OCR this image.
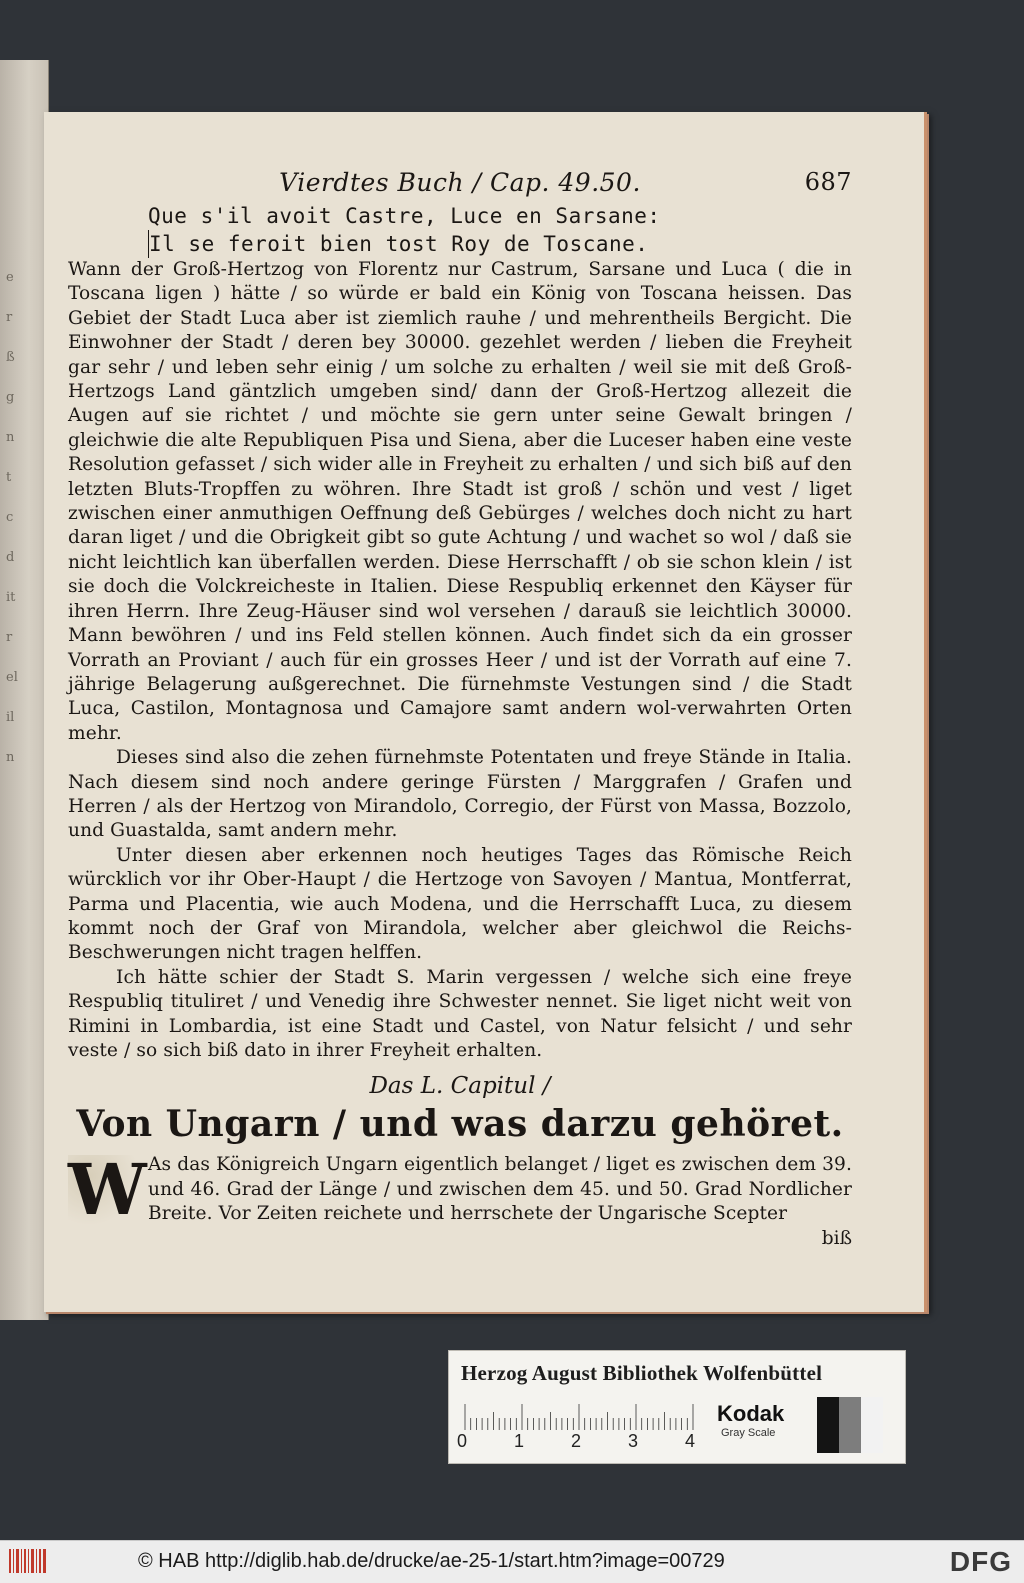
e
r
ß
g
n
t
c
d
it
r
el
il
n
Vierdtes Buch / Cap. 49.50.	687
Que s'il avoit Castre, Luce en Sarsane:
Il se feroit bien tost Roy de Toscane.

Wann der Groß-Hertzog von Florentz nur Castrum, Sarsane und Luca ( die in Toscana ligen ) hätte / so würde er bald ein König von Toscana heissen. Das Gebiet der Stadt Luca aber ist ziemlich rauhe / und mehrentheils Bergicht. Die Einwohner der Stadt / deren bey 30000. gezehlet werden / lieben die Freyheit gar sehr / und leben sehr einig / um solche zu erhalten / weil sie mit deß Groß-Hertzogs Land gäntzlich umgeben sind/ dann der Groß-Hertzog allezeit die Augen auf sie richtet / und möchte sie gern unter seine Gewalt bringen / gleichwie die alte Republiquen Pisa und Siena, aber die Luceser haben eine veste Resolution gefasset / sich wider alle in Freyheit zu erhalten / und sich biß auf den letzten Bluts-Tropffen zu wöhren. Ihre Stadt ist groß / schön und vest / liget zwischen einer anmuthigen Oeffnung deß Gebürges / welches doch nicht zu hart daran liget / und die Obrigkeit gibt so gute Achtung / und wachet so wol / daß sie nicht leichtlich kan überfallen werden. Diese Herrschafft / ob sie schon klein / ist sie doch die Volckreicheste in Italien. Diese Respubliq erkennet den Käyser für ihren Herrn. Ihre Zeug-Häuser sind wol versehen / darauß sie leichtlich 30000. Mann bewöhren / und ins Feld stellen können. Auch findet sich da ein grosser Vorrath an Proviant / auch für ein grosses Heer / und ist der Vorrath auf eine 7. jährige Belagerung außgerechnet. Die fürnehmste Vestungen sind / die Stadt Luca, Castilon, Montagnosa und Camajore samt andern wol-verwahrten Orten mehr.

Dieses sind also die zehen fürnehmste Potentaten und freye Stände in Italia. Nach diesem sind noch andere geringe Fürsten / Marggrafen / Grafen und Herren / als der Hertzog von Mirandolo, Corregio, der Fürst von Massa, Bozzolo, und Guastalda, samt andern mehr.

Unter diesen aber erkennen noch heutiges Tages das Römische Reich würcklich vor ihr Ober-Haupt / die Hertzoge von Savoyen / Mantua, Montferrat, Parma und Placentia, wie auch Modena, und die Herrschafft Luca, zu diesem kommt noch der Graf von Mirandola, welcher aber gleichwol die Reichs-Beschwerungen nicht tragen helffen.

Ich hätte schier der Stadt S. Marin vergessen / welche sich eine freye Respubliq tituliret / und Venedig ihre Schwester nennet. Sie liget nicht weit von Rimini in Lombardia, ist eine Stadt und Castel, von Natur felsicht / und sehr veste / so sich biß dato in ihrer Freyheit erhalten.

Das L. Capitul /
Von Ungarn / und was darzu gehöret.
W As das Königreich Ungarn eigentlich belanget / liget es zwischen dem 39. und 46. Grad der Länge / und zwischen dem 45. und 50. Grad Nordlicher Breite. Vor Zeiten reichete und herrschete der Ungarische Scepter

biß
Herzog August Bibliothek Wolfenbüttel
0	1	2	3	4
Kodak
Gray Scale
© HAB http://diglib.hab.de/drucke/ae-25-1/start.htm?image=00729	DFG
